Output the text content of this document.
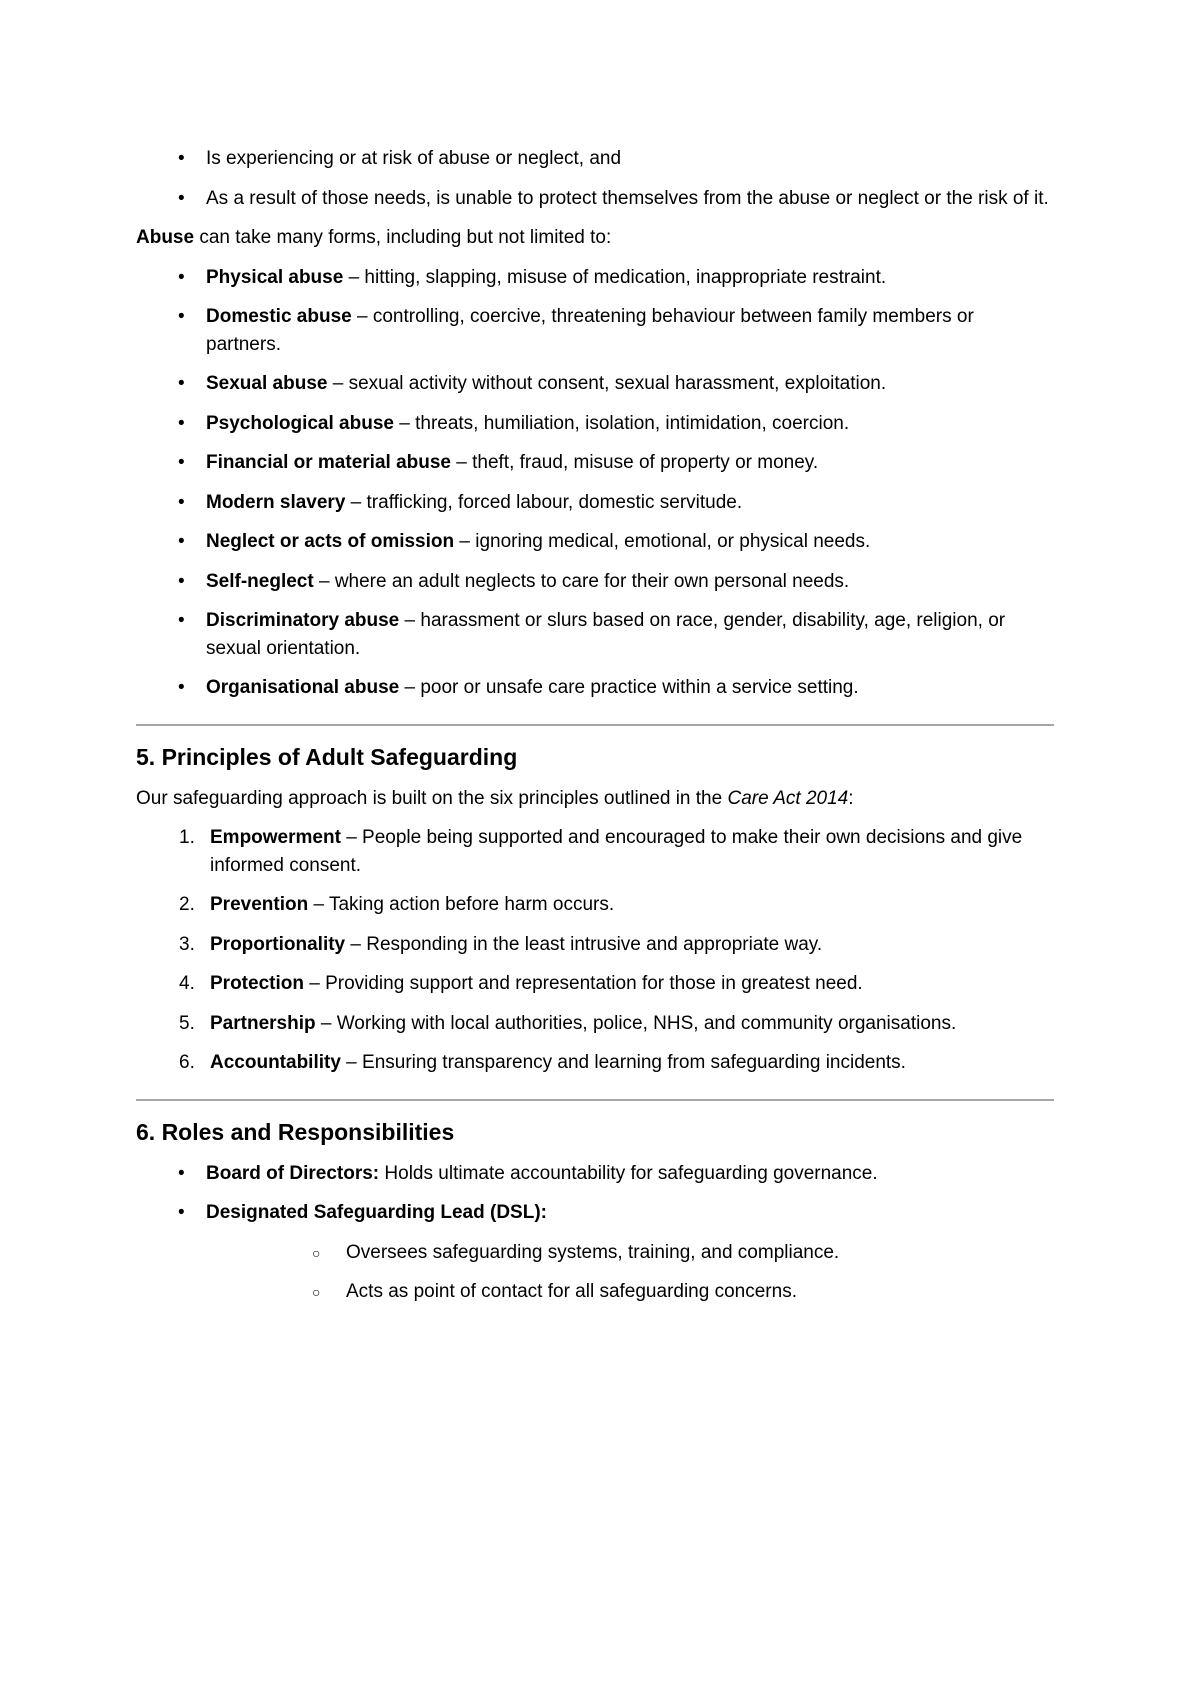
• Is experiencing or at risk of abuse or neglect, and
• As a result of those needs, is unable to protect themselves from the abuse or neglect or the risk of it.

Abuse can take many forms, including but not limited to:

• Physical abuse – hitting, slapping, misuse of medication, inappropriate restraint.
• Domestic abuse – controlling, coercive, threatening behaviour between family members or partners.
• Sexual abuse – sexual activity without consent, sexual harassment, exploitation.
• Psychological abuse – threats, humiliation, isolation, intimidation, coercion.
• Financial or material abuse – theft, fraud, misuse of property or money.
• Modern slavery – trafficking, forced labour, domestic servitude.
• Neglect or acts of omission – ignoring medical, emotional, or physical needs.
• Self-neglect – where an adult neglects to care for their own personal needs.
• Discriminatory abuse – harassment or slurs based on race, gender, disability, age, religion, or sexual orientation.
• Organisational abuse – poor or unsafe care practice within a service setting.
5. Principles of Adult Safeguarding

Our safeguarding approach is built on the six principles outlined in the Care Act 2014:

Empowerment – People being supported and encouraged to make their own decisions and give informed consent.
Prevention – Taking action before harm occurs.
Proportionality – Responding in the least intrusive and appropriate way.
Protection – Providing support and representation for those in greatest need.
Partnership – Working with local authorities, police, NHS, and community organisations.
Accountability – Ensuring transparency and learning from safeguarding incidents.
6. Roles and Responsibilities
• Board of Directors: Holds ultimate accountability for safeguarding governance.
• Designated Safeguarding Lead (DSL):
○ Oversees safeguarding systems, training, and compliance.
○ Acts as point of contact for all safeguarding concerns.
